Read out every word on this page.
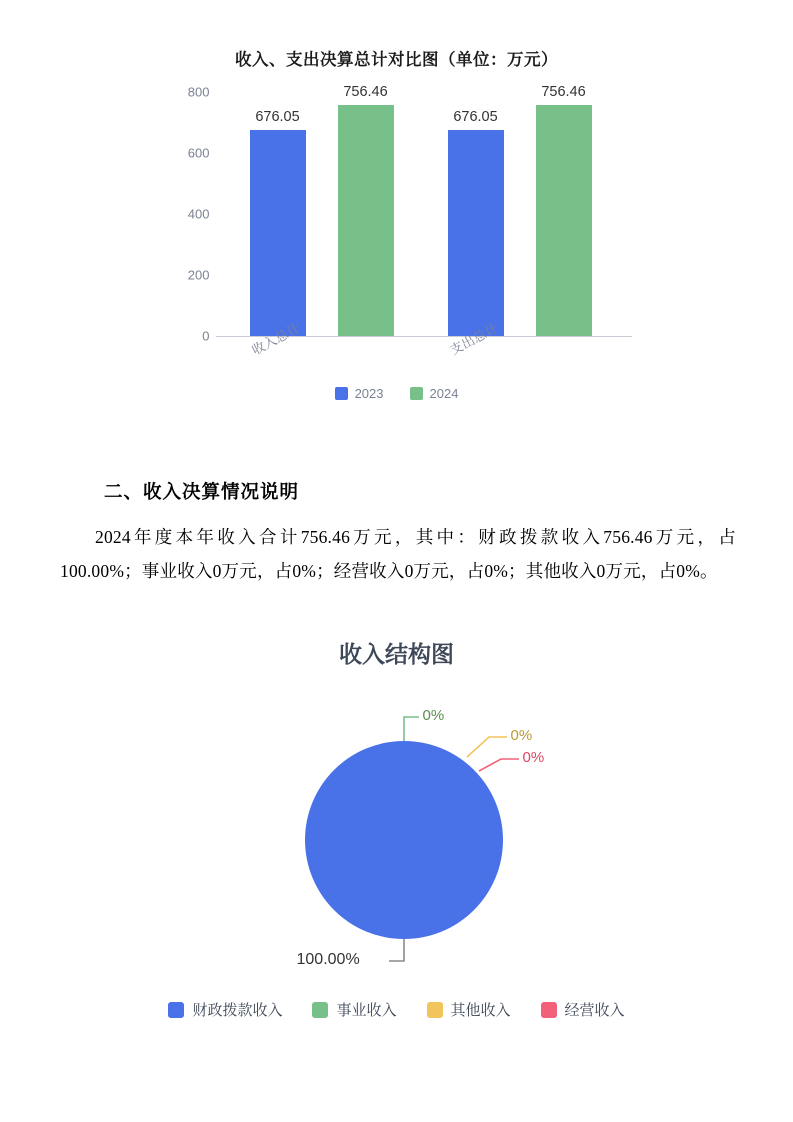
收入、支出决算总计对比图（单位：万元）
800
600
400
200
0
676.05
756.46
676.05
756.46
收入总计	支出总计
2023	2024
二、收入决算情况说明
2024年度本年收入合计756.46万元，其中：财政拨款收入756.46万元，占100.00%；事业收入0万元，占0%；经营收入0万元，占0%；其他收入0万元，占0%。
收入结构图
0%
0%
0%
100.00%
财政拨款收入	事业收入	其他收入	经营收入
